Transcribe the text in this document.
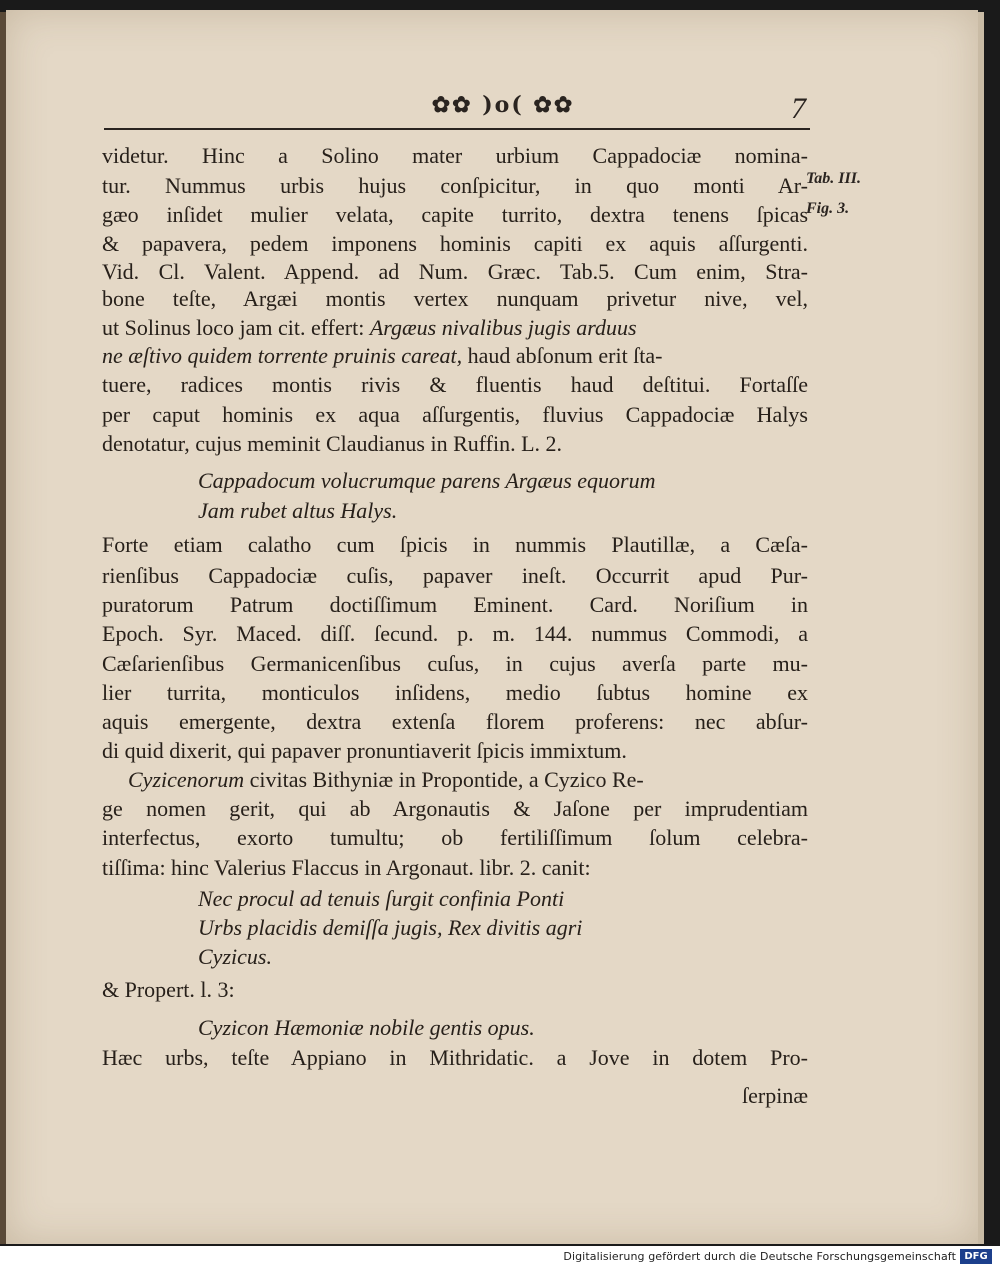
✿✿ )o( ✿✿	7
Tab. III.
Fig. 3.
videtur. Hinc a Solino mater urbium Cappadociæ nomina-
tur. Nummus urbis hujus conſpicitur, in quo monti Ar-
gæo inſidet mulier velata, capite turrito, dextra tenens ſpicas
& papavera, pedem imponens hominis capiti ex aquis aſſurgenti.
Vid. Cl. Valent. Append. ad Num. Græc. Tab.5. Cum enim, Stra-
bone teſte, Argæi montis vertex nunquam privetur nive, vel,
ut Solinus loco jam cit. effert: Argæus nivalibus jugis arduus
ne æſtivo quidem torrente pruinis careat, haud abſonum erit ſta-
tuere, radices montis rivis & fluentis haud deſtitui. Fortaſſe
per caput hominis ex aqua aſſurgentis, fluvius Cappadociæ Halys
denotatur, cujus meminit Claudianus in Ruffin. L. 2.
Cappadocum volucrumque parens Argæus equorum
Jam rubet altus Halys.
Forte etiam calatho cum ſpicis in nummis Plautillæ, a Cæſa-
rienſibus Cappadociæ cuſis, papaver ineſt. Occurrit apud Pur-
puratorum Patrum doctiſſimum Eminent. Card. Noriſium in
Epoch. Syr. Maced. diſſ. ſecund. p. m. 144. nummus Commodi, a
Cæſarienſibus Germanicenſibus cuſus, in cujus averſa parte mu-
lier turrita, monticulos inſidens, medio ſubtus homine ex
aquis emergente, dextra extenſa florem proferens: nec abſur-
di quid dixerit, qui papaver pronuntiaverit ſpicis immixtum.
Cyzicenorum civitas Bithyniæ in Propontide, a Cyzico Re-
ge nomen gerit, qui ab Argonautis & Jaſone per imprudentiam
interfectus, exorto tumultu; ob fertiliſſimum ſolum celebra-
tiſſima: hinc Valerius Flaccus in Argonaut. libr. 2. canit:
Nec procul ad tenuis ſurgit confinia Ponti
Urbs placidis demiſſa jugis, Rex divitis agri
Cyzicus.
& Propert. l. 3:
Cyzicon Hæmoniæ nobile gentis opus.
Hæc urbs, teſte Appiano in Mithridatic. a Jove in dotem Pro-
ſerpinæ
Digitalisierung gefördert durch die Deutsche Forschungsgemeinschaft DFG
